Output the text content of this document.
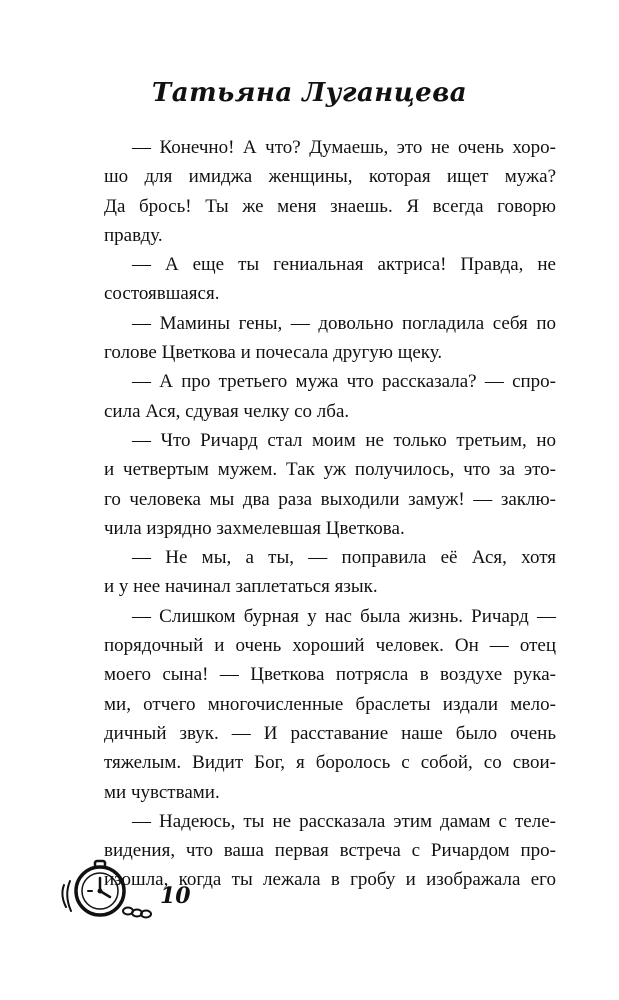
Татьяна Луганцева
— Конечно! А что? Думаешь, это не очень хоро-
шо для имиджа женщины, которая ищет мужа?
Да брось! Ты же меня знаешь. Я всегда говорю
правду.
— А еще ты гениальная актриса! Правда, не
состоявшаяся.
— Мамины гены, — довольно погладила себя по
голове Цветкова и почесала другую щеку.
— А про третьего мужа что рассказала? — спро-
сила Ася, сдувая челку со лба.
— Что Ричард стал моим не только третьим, но
и четвертым мужем. Так уж получилось, что за это-
го человека мы два раза выходили замуж! — заклю-
чила изрядно захмелевшая Цветкова.
— Не мы, а ты, — поправила её Ася, хотя
и у нее начинал заплетаться язык.
— Слишком бурная у нас была жизнь. Ричард —
порядочный и очень хороший человек. Он — отец
моего сына! — Цветкова потрясла в воздухе рука-
ми, отчего многочисленные браслеты издали мело-
дичный звук. — И расставание наше было очень
тяжелым. Видит Бог, я боролось с собой, со свои-
ми чувствами.
— Надеюсь, ты не рассказала этим дамам с теле-
видения, что ваша первая встреча с Ричардом про-
изошла, когда ты лежала в гробу и изображала его
10
